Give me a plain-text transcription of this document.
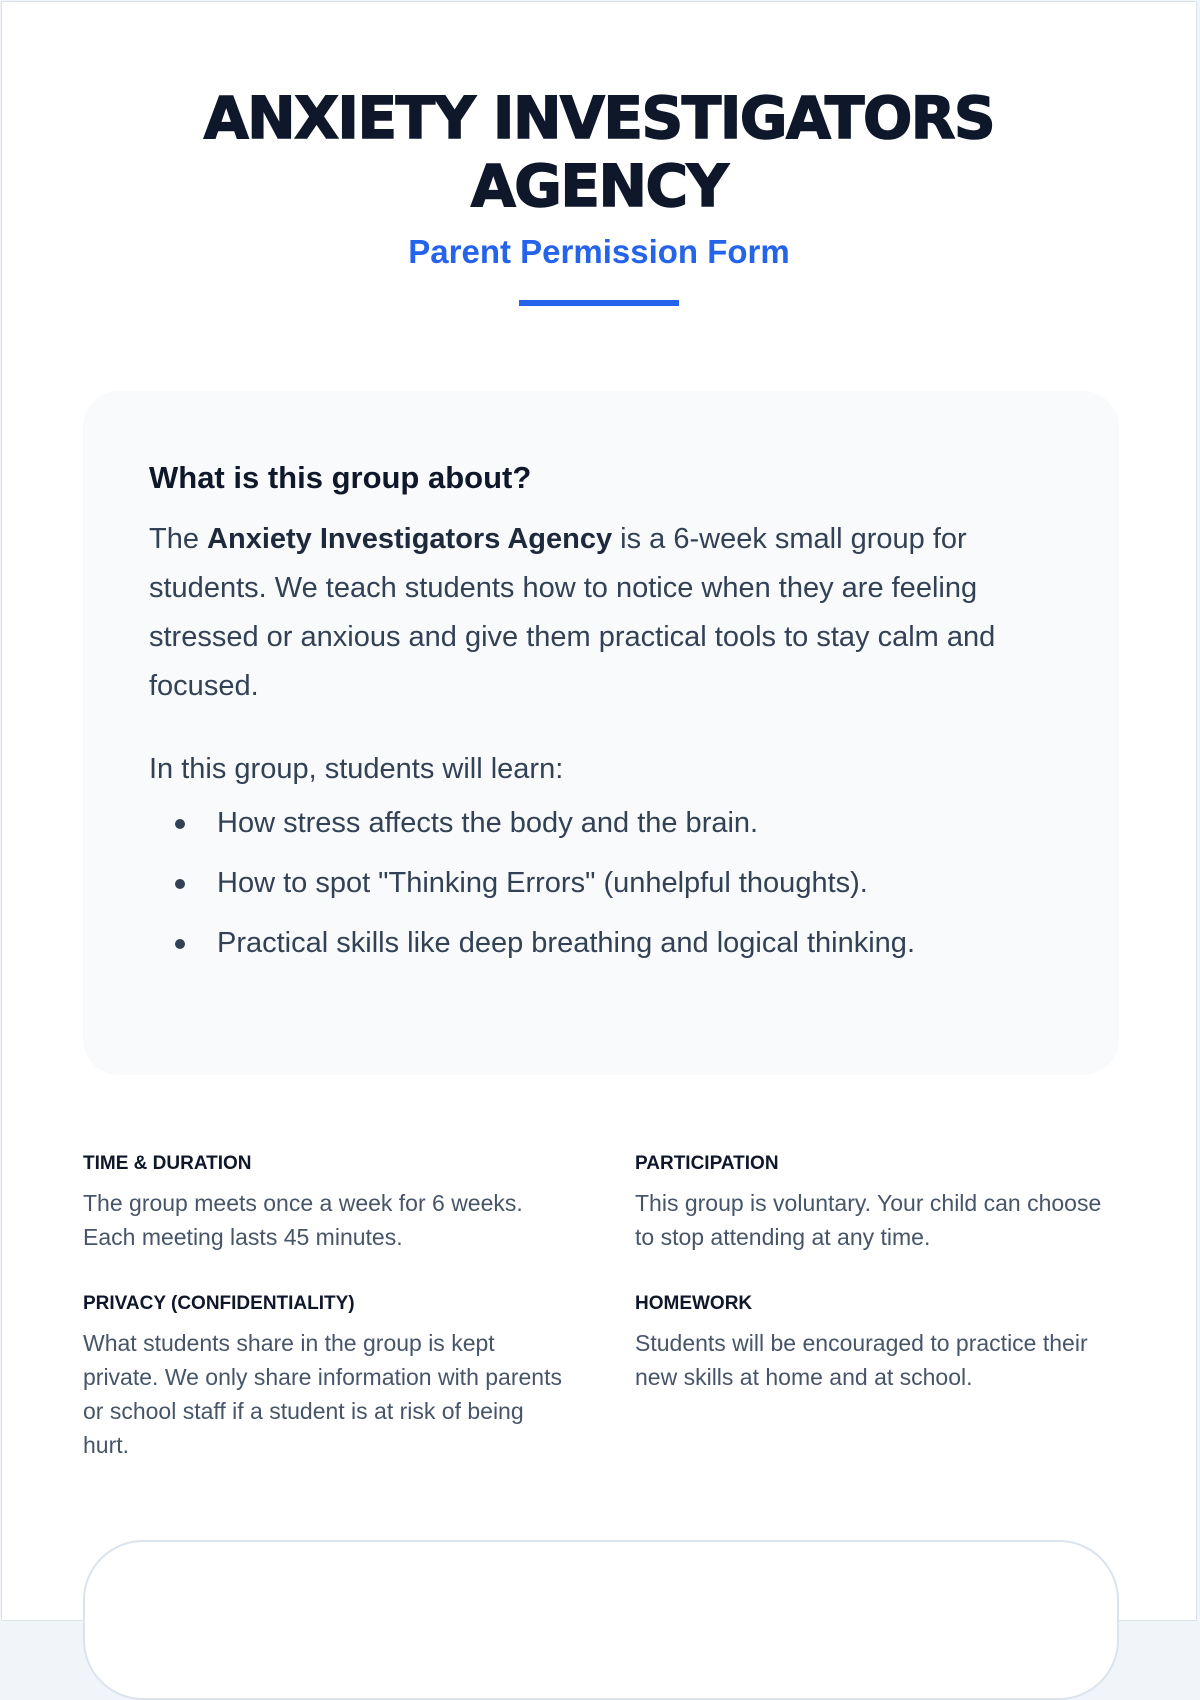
ANXIETY INVESTIGATORS AGENCY
Parent Permission Form
What is this group about?

The Anxiety Investigators Agency is a 6-week small group for students. We teach students how to notice when they are feeling stressed or anxious and give them practical tools to stay calm and focused.

In this group, students will learn:

How stress affects the body and the brain.
How to spot "Thinking Errors" (unhelpful thoughts).
Practical skills like deep breathing and logical thinking.
TIME & DURATION

The group meets once a week for 6 weeks. Each meeting lasts 45 minutes.

PARTICIPATION

This group is voluntary. Your child can choose to stop attending at any time.

PRIVACY (CONFIDENTIALITY)

What students share in the group is kept private. We only share information with parents or school staff if a student is at risk of being hurt.

HOMEWORK

Students will be encouraged to practice their new skills at home and at school.
